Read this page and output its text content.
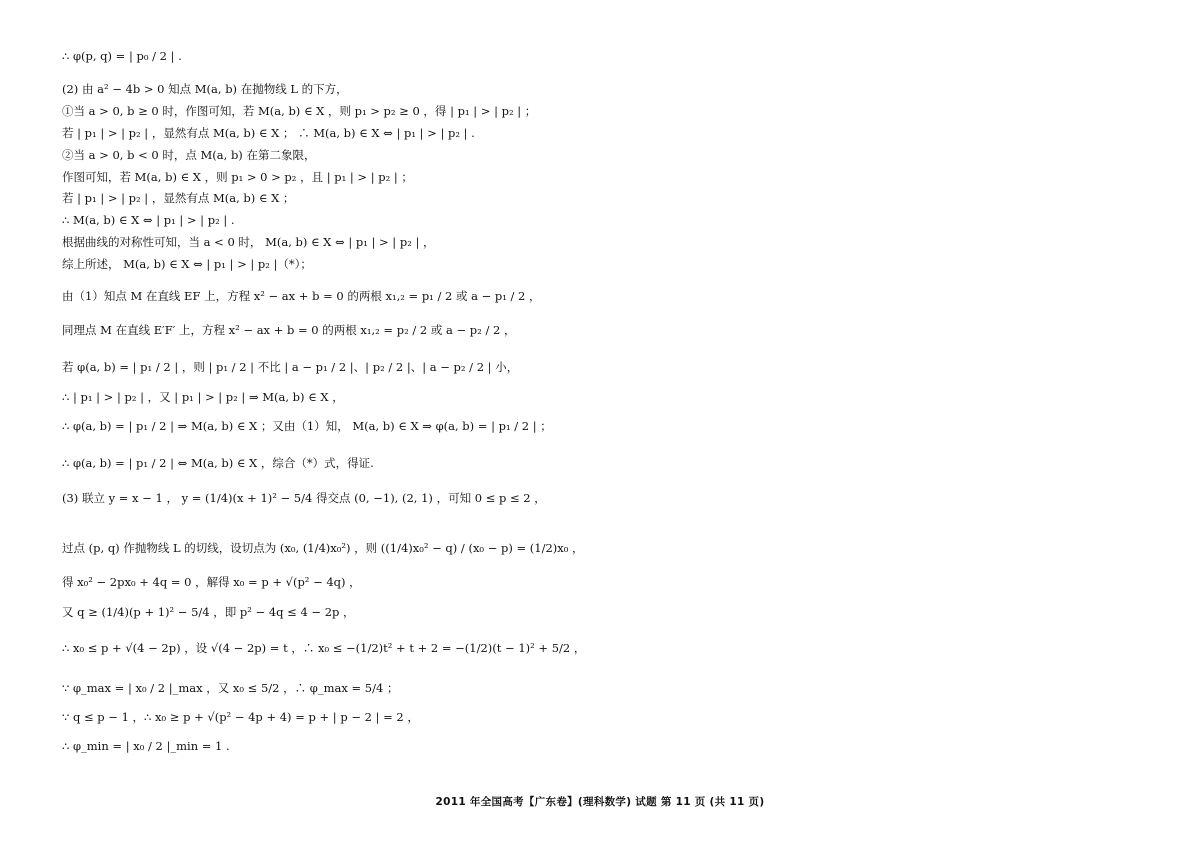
∴ φ(p, q) = | p₀ / 2 | .
(2) 由 a² − 4b > 0 知点 M(a, b) 在抛物线 L 的下方，
①当 a > 0, b ≥ 0 时，作图可知，若 M(a, b) ∈ X ，则 p₁ > p₂ ≥ 0 ，得 | p₁ | > | p₂ | ；
若 | p₁ | > | p₂ | ，显然有点 M(a, b) ∈ X ； ∴ M(a, b) ∈ X ⇔ | p₁ | > | p₂ | .
②当 a > 0, b < 0 时，点 M(a, b) 在第二象限，
作图可知，若 M(a, b) ∈ X ，则 p₁ > 0 > p₂ ，且 | p₁ | > | p₂ | ；
若 | p₁ | > | p₂ | ，显然有点 M(a, b) ∈ X ；
∴ M(a, b) ∈ X ⇔ | p₁ | > | p₂ | .
根据曲线的对称性可知，当 a < 0 时， M(a, b) ∈ X ⇔ | p₁ | > | p₂ | ，
综上所述， M(a, b) ∈ X ⇔ | p₁ | > | p₂ |（*）；
由（1）知点 M 在直线 EF 上，方程 x² − ax + b = 0 的两根 x₁,₂ = p₁ / 2 或 a − p₁ / 2 ，
同理点 M 在直线 E′F′ 上，方程 x² − ax + b = 0 的两根 x₁,₂ = p₂ / 2 或 a − p₂ / 2 ，
若 φ(a, b) = | p₁ / 2 | ，则 | p₁ / 2 | 不比 | a − p₁ / 2 |、| p₂ / 2 |、| a − p₂ / 2 | 小，
∴ | p₁ | > | p₂ | ，又 | p₁ | > | p₂ | ⇒ M(a, b) ∈ X ，
∴ φ(a, b) = | p₁ / 2 | ⇒ M(a, b) ∈ X ；又由（1）知， M(a, b) ∈ X ⇒ φ(a, b) = | p₁ / 2 | ；
∴ φ(a, b) = | p₁ / 2 | ⇔ M(a, b) ∈ X ，综合（*）式，得证.
(3) 联立 y = x − 1 ， y = (1/4)(x + 1)² − 5/4 得交点 (0, −1), (2, 1) ，可知 0 ≤ p ≤ 2 ，
过点 (p, q) 作抛物线 L 的切线，设切点为 (x₀, (1/4)x₀²) ，则 ((1/4)x₀² − q) / (x₀ − p) = (1/2)x₀ ，
得 x₀² − 2px₀ + 4q = 0 ，解得 x₀ = p + √(p² − 4q) ，
又 q ≥ (1/4)(p + 1)² − 5/4 ，即 p² − 4q ≤ 4 − 2p ，
∴ x₀ ≤ p + √(4 − 2p) ，设 √(4 − 2p) = t ，∴ x₀ ≤ −(1/2)t² + t + 2 = −(1/2)(t − 1)² + 5/2 ，
∵ φ_max = | x₀ / 2 |_max ，又 x₀ ≤ 5/2 ，∴ φ_max = 5/4 ；
∵ q ≤ p − 1 ，∴ x₀ ≥ p + √(p² − 4p + 4) = p + | p − 2 | = 2 ，
∴ φ_min = | x₀ / 2 |_min = 1 .
2011 年全国高考【广东卷】(理科数学) 试题 第 11 页 (共 11 页)
